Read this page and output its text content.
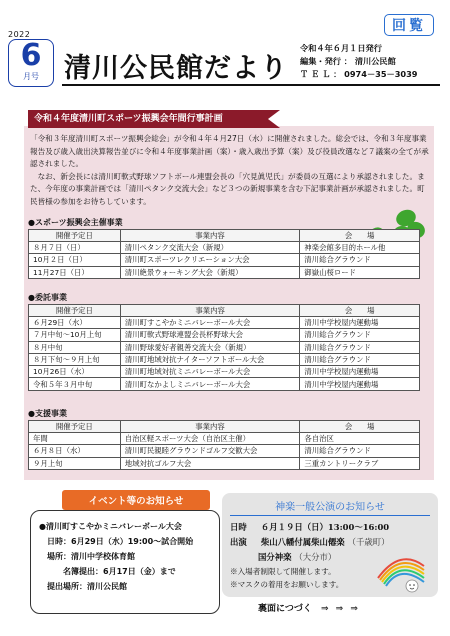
2022
6
月号 清川公民館だより
令和４年６月１日発行
編集・発行 ： 清川公民館
Ｔ Ｅ Ｌ ： 0974－35－3039
回覧
令和４年度清川町スポーツ振興会年間行事計画

「令和３年度清川町スポーツ振興会総会」が令和４年４月27日（水）に開催されました。総会では、令和３年度事業報告及び歳入歳出決算報告並びに令和４年度事業計画（案）・歳入歳出予算（案）及び役員改選など７議案の全てが承認されました。

なお、新会長には清川町軟式野球ソフトボール連盟会長の「穴見眞児氏」が委員の互選により承認されました。また、今年度の事業計画では「清川ペタンク交流大会」など３つの新規事業を含む下記事業計画が承認されました。町民皆様の参加をお待ちしています。

●スポーツ振興会主催事業
開催予定日	事業内容	会　　場
８月７日（日）	清川ペタンク交流大会（新規）	神楽会館多目的ホール他
10月２日（日）	清川町スポーツレクリエーション大会	清川総合グラウンド
11月27日（日）	清川絶景ウォーキング大会（新規）	御嶽山桜ロード
●委託事業
開催予定日	事業内容	会　　場
６月29日（水）	清川町すこやかミニバレーボール大会	清川中学校屋内運動場
７月中旬～10月上旬	清川町軟式野球連盟会長杯野球大会	清川総合グラウンド
８月中旬	清川野球愛好者親善交流大会（新規）	清川総合グラウンド
８月下旬～９月上旬	清川町地域対抗ナイターソフトボール大会	清川総合グラウンド
10月26日（水）	清川町地域対抗ミニバレーボール大会	清川中学校屋内運動場
令和５年３月中旬	清川町なかよしミニバレーボール大会	清川中学校屋内運動場
●支援事業
開催予定日	事業内容	会　　場
年間	自治区軽スポーツ大会（自治区主催）	各自治区
６月８日（水）	清川町民親睦グラウンドゴルフ交歓大会	清川総合グラウンド
９月上旬	地域対抗ゴルフ大会	三重カントリークラブ
イベント等のお知らせ
●清川町すこやかミニバレーボール大会
日時：6月29日（水）19:00～試合開始
場所：清川中学校体育館
名簿提出：6月17日（金）まで
提出場所：清川公民館
神楽一般公演のお知らせ
日時 ６月１９日（日）13:00～16:00
出演 柴山八幡付属柴山僊楽 （千歳町）
国分神楽 （大分市）
※入場者制限して開催します。
※マスクの着用をお願いします。
裏面につづく ⇒ ⇒ ⇒
